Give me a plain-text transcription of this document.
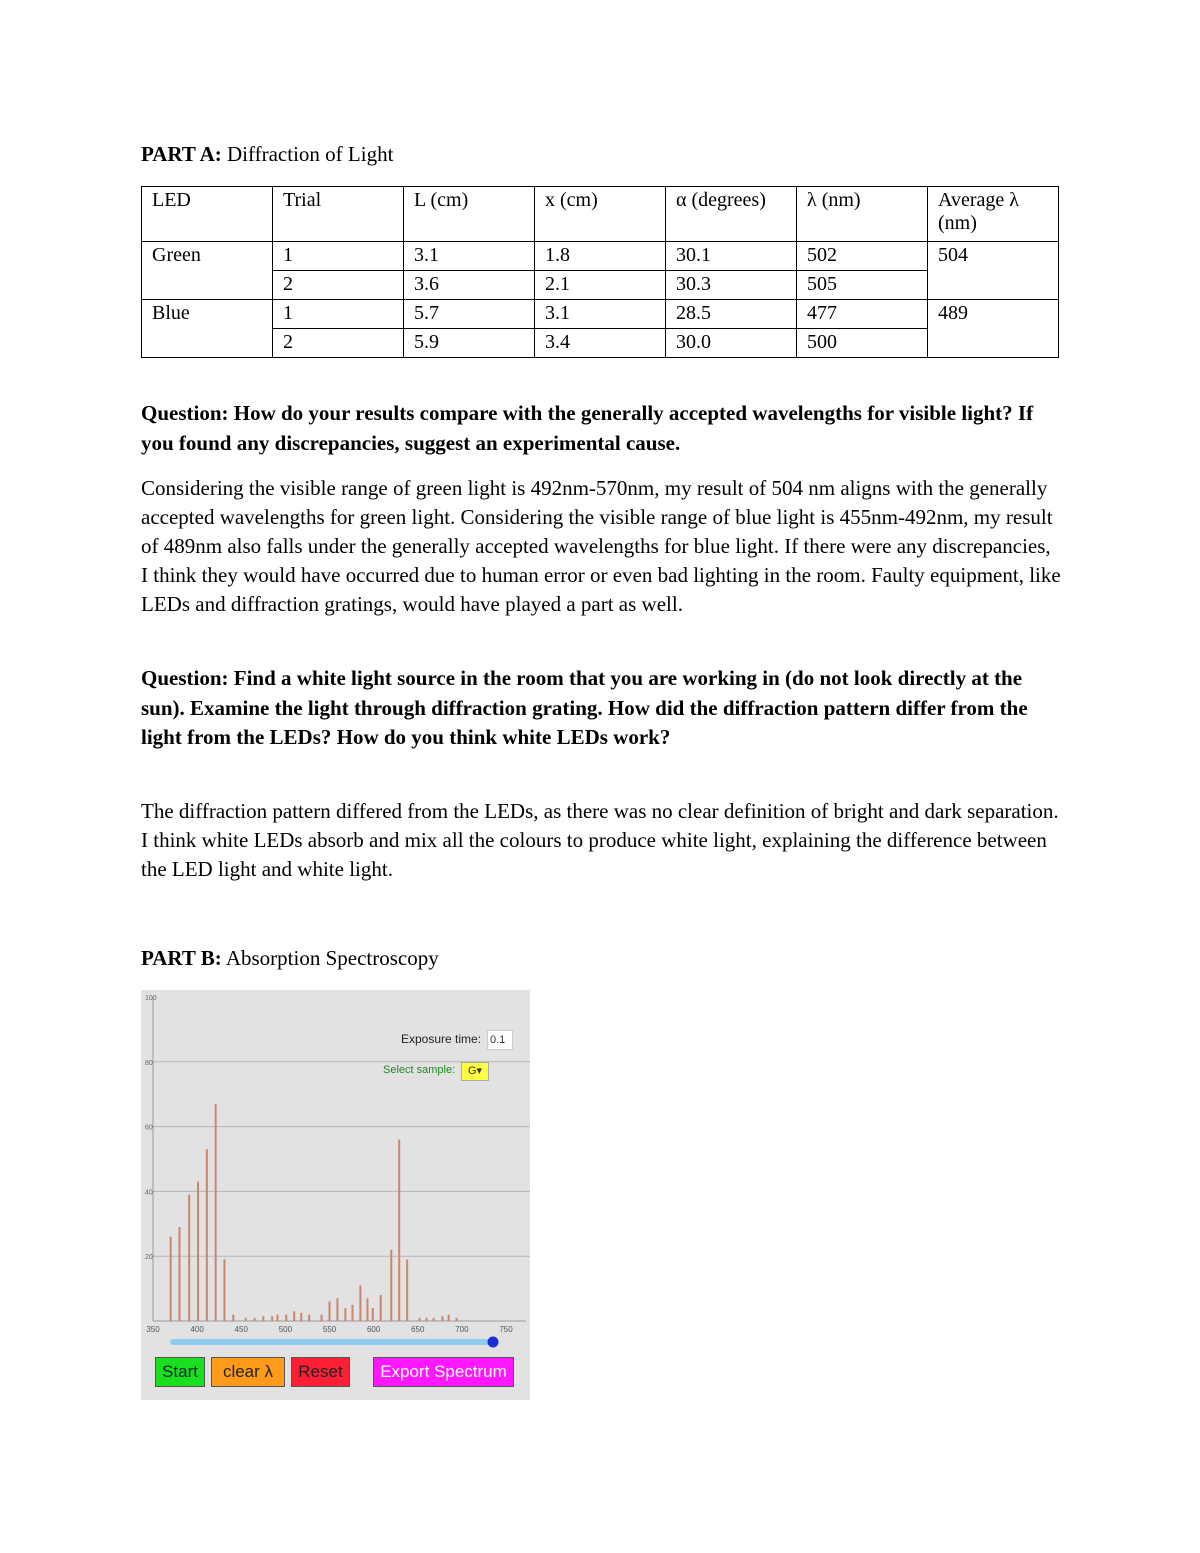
PART A: Diffraction of Light
LED	Trial	L (cm)	x (cm)	α (degrees)	λ (nm)	Average λ (nm)
Green	1	3.1	1.8	30.1	502	504
	2	3.6	2.1	30.3	505	
Blue	1	5.7	3.1	28.5	477	489
	2	5.9	3.4	30.0	500	
Question: How do your results compare with the generally accepted wavelengths for visible light? If you found any discrepancies, suggest an experimental cause.
Considering the visible range of green light is 492nm-570nm, my result of 504 nm aligns with the generally accepted wavelengths for green light. Considering the visible range of blue light is 455nm-492nm, my result of 489nm also falls under the generally accepted wavelengths for blue light. If there were any discrepancies, I think they would have occurred due to human error or even bad lighting in the room. Faulty equipment, like LEDs and diffraction gratings, would have played a part as well.
Question: Find a white light source in the room that you are working in (do not look directly at the sun). Examine the light through diffraction grating. How did the diffraction pattern differ from the light from the LEDs? How do you think white LEDs work?
The diffraction pattern differed from the LEDs, as there was no clear definition of bright and dark separation. I think white LEDs absorb and mix all the colours to produce white light, explaining the difference between the LED light and white light.
PART B: Absorption Spectroscopy
100
80
60
40
20
350	400	450	500	550	600	650	700	750
Exposure time: 0.1
Select sample:	G▾
Start	clear λ	Reset	Export Spectrum
